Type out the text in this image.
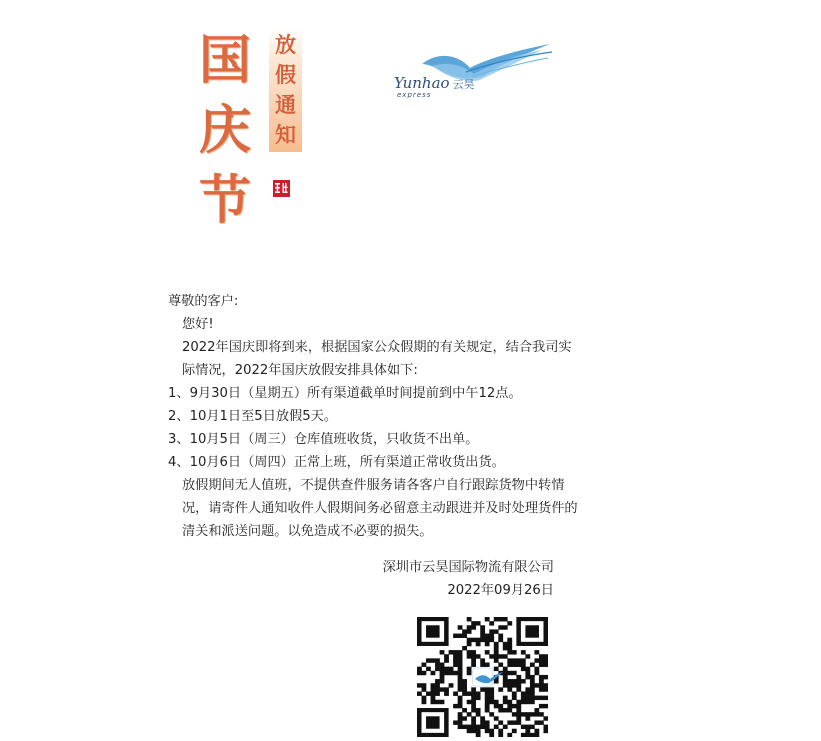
国
庆
节
放
假
通
知
Yunhao 云昊
express

尊敬的客户:

您好!

2022年国庆即将到来，根据国家公众假期的有关规定，结合我司实际情况，2022年国庆放假安排具体如下:

1、9月30日（星期五）所有渠道截单时间提前到中午12点。

2、10月1日至5日放假5天。

3、10月5日（周三）仓库值班收货，只收货不出单。

4、10月6日（周四）正常上班，所有渠道正常收货出货。

放假期间无人值班，不提供查件服务请各客户自行跟踪货物中转情况，请寄件人通知收件人假期间务必留意主动跟进并及时处理货件的清关和派送问题。以免造成不必要的损失。

深圳市云昊国际物流有限公司
2022年09月26日
